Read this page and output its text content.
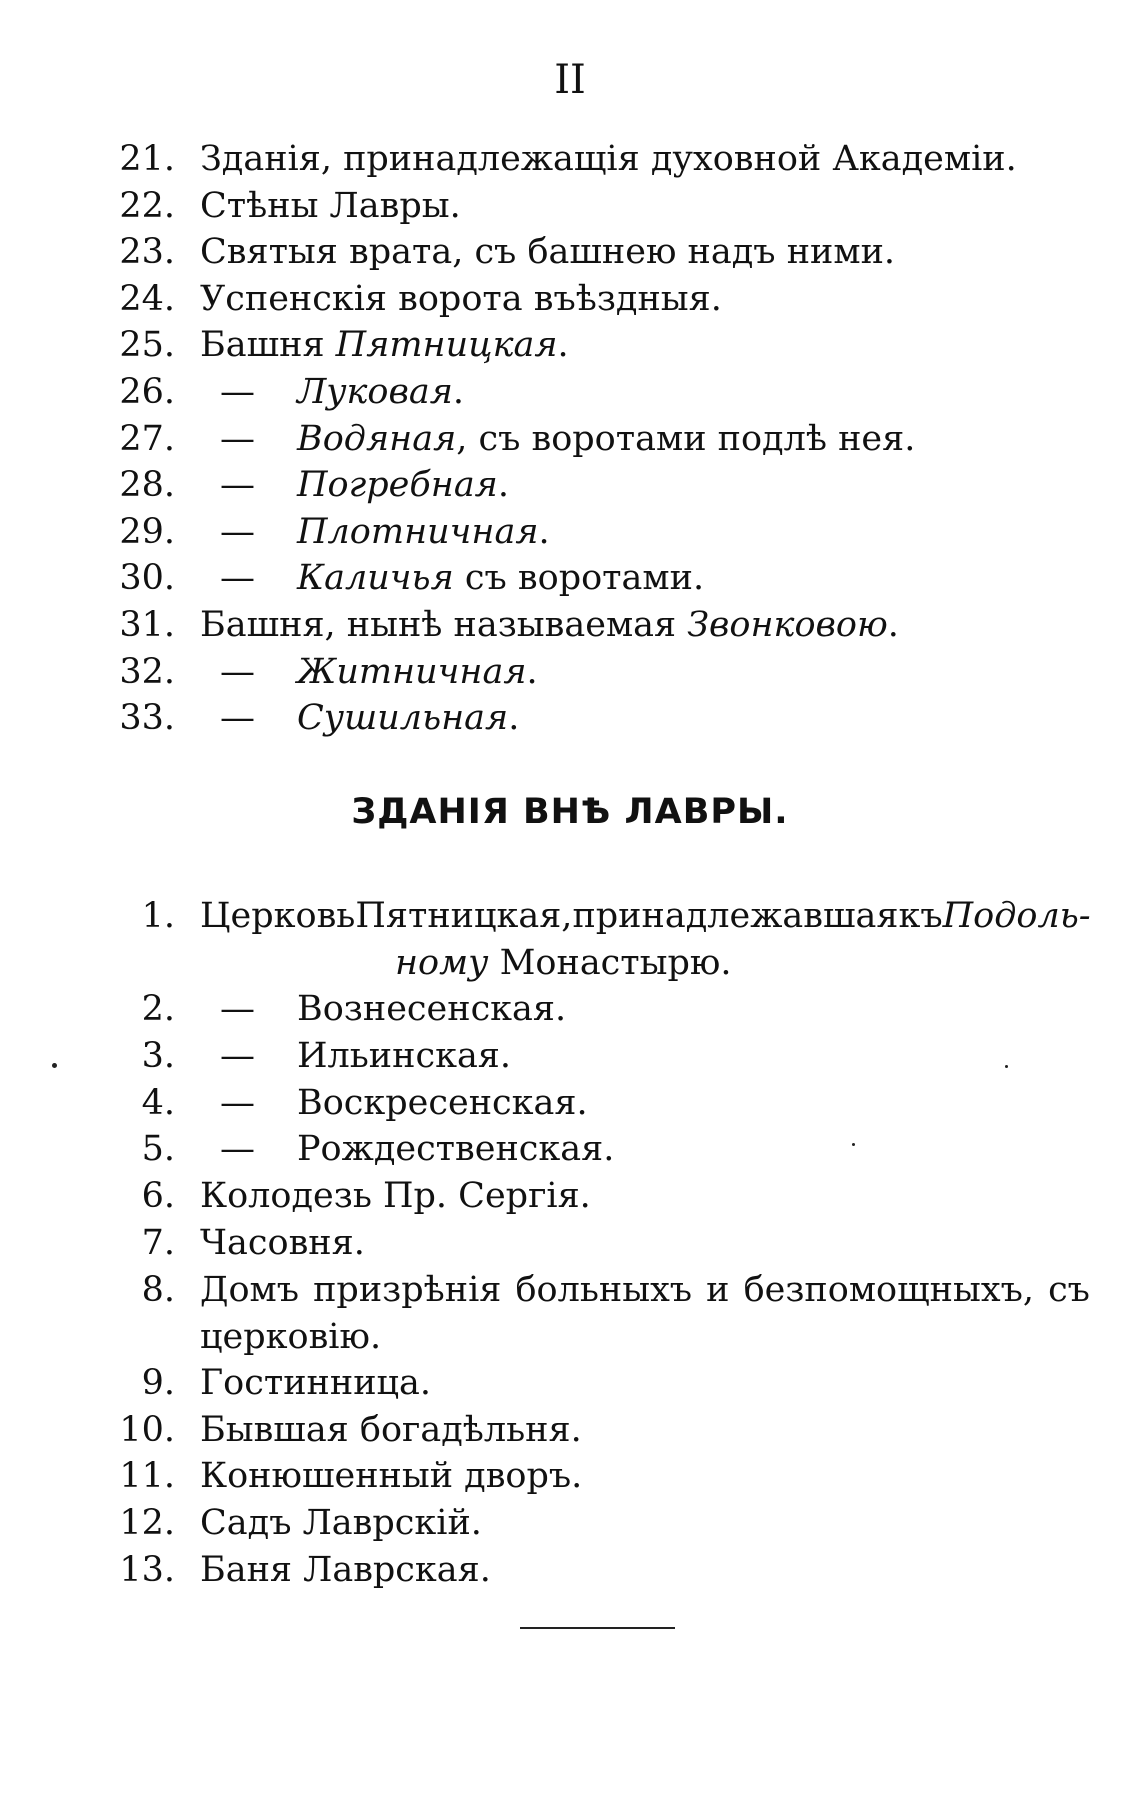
II
21. Зданія, принадлежащія духовной Академіи.
22. Стѣны Лавры.
23. Святыя врата, съ башнею надъ ними.
24. Успенскія ворота въѣздныя.
25. Башня Пятницкая.
26. — Луковая.
27. — Водяная, съ воротами подлѣ нея.
28. — Погребная.
29. — Плотничная.
30. — Каличья съ воротами.
31. Башня, нынѣ называемая Звонковою.
32. — Житничная.
33. — Сушильная.
ЗДАНІЯ ВНѢ ЛАВРЫ.
1. Церковь Пятницкая, принадлежавшая къ Подоль-
ному Монастырю.
2. — Вознесенская.
3. — Ильинская.
4. — Воскресенская.
5. — Рождественская.
6. Колодезь Пр. Сергія.
7. Часовня.
8. Домъ призрѣнія больныхъ и безпомощныхъ, съ
церковію.
9. Гостинница.
10. Бывшая богадѣльня.
11. Конюшенный дворъ.
12. Садъ Лаврскій.
13. Баня Лаврская.
